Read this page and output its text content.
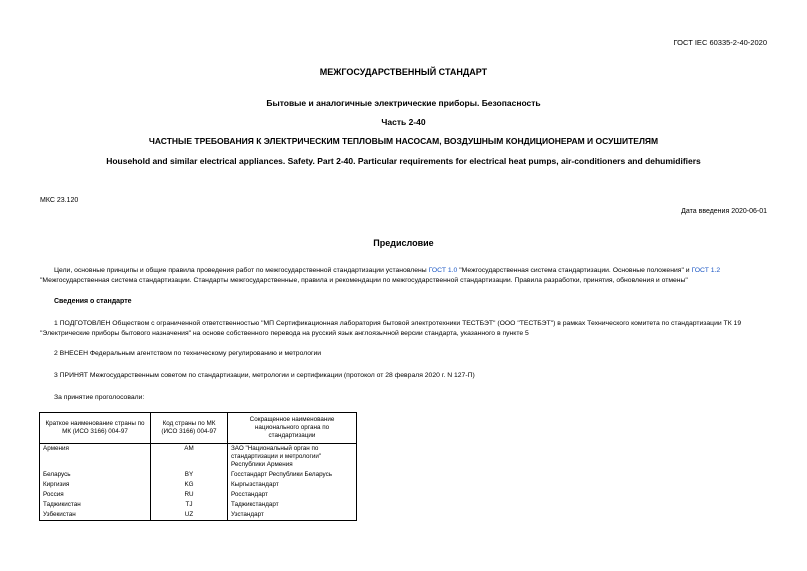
ГОСТ IEC 60335-2-40-2020
МЕЖГОСУДАРСТВЕННЫЙ СТАНДАРТ
Бытовые и аналогичные электрические приборы. Безопасность
Часть 2-40
ЧАСТНЫЕ ТРЕБОВАНИЯ К ЭЛЕКТРИЧЕСКИМ ТЕПЛОВЫМ НАСОСАМ, ВОЗДУШНЫМ КОНДИЦИОНЕРАМ И ОСУШИТЕЛЯМ
Household and similar electrical appliances. Safety. Part 2-40. Particular requirements for electrical heat pumps, air-conditioners and dehumidifiers
МКС 23.120
Дата введения 2020-06-01
Предисловие
Цели, основные принципы и общие правила проведения работ по межгосударственной стандартизации установлены ГОСТ 1.0 "Межгосударственная система стандартизации. Основные положения" и ГОСТ 1.2 "Межгосударственная система стандартизации. Стандарты межгосударственные, правила и рекомендации по межгосударственной стандартизации. Правила разработки, принятия, обновления и отмены"
Сведения о стандарте
1 ПОДГОТОВЛЕН Обществом с ограниченной ответственностью "МП Сертификационная лаборатория бытовой электротехники ТЕСТБЭТ" (ООО "ТЕСТБЭТ") в рамках Технического комитета по стандартизации ТК 19 "Электрические приборы бытового назначения" на основе собственного перевода на русский язык англоязычной версии стандарта, указанного в пункте 5
2 ВНЕСЕН Федеральным агентством по техническому регулированию и метрологии
3 ПРИНЯТ Межгосударственным советом по стандартизации, метрологии и сертификации (протокол от 28 февраля 2020 г. N 127-П)
За принятие проголосовали:
Краткое наименование страны по МК (ИСО 3166) 004-97	Код страны по МК (ИСО 3166) 004-97	Сокращенное наименование национального органа по стандартизации
Армения	AM	ЗАО "Национальный орган по стандартизации и метрологии" Республики Армения
Беларусь	BY	Госстандарт Республики Беларусь
Киргизия	KG	Кыргызстандарт
Россия	RU	Росстандарт
Таджикистан	TJ	Таджикстандарт
Узбекистан	UZ	Узстандарт
